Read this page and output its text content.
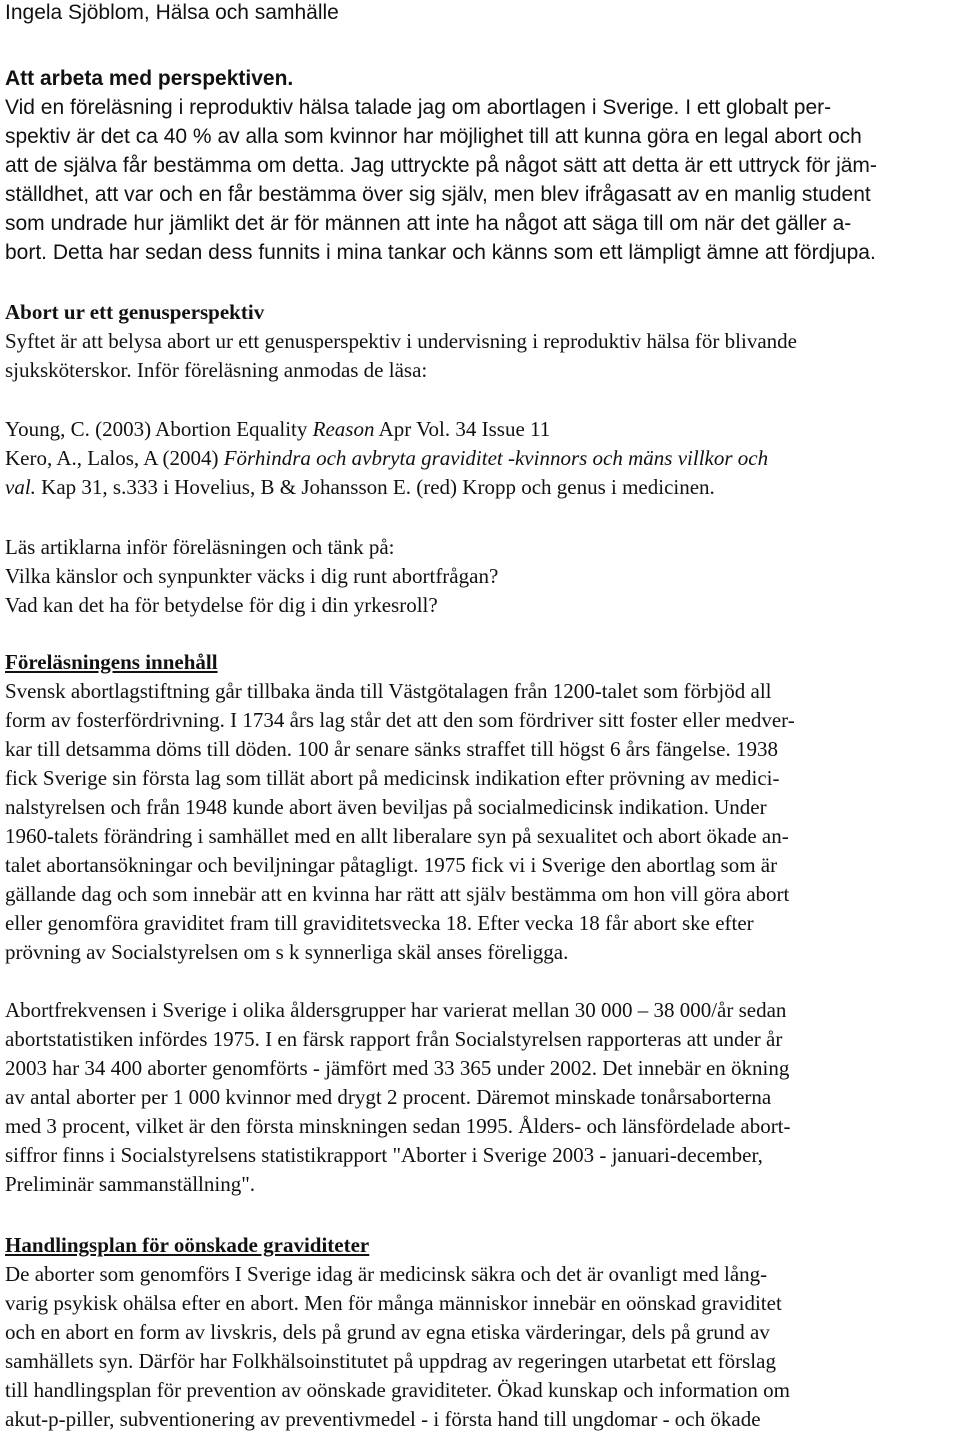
Ingela Sjöblom, Hälsa och samhälle
Att arbeta med perspektiven.
Vid en föreläsning i reproduktiv hälsa talade jag om abortlagen i Sverige. I ett globalt per-
spektiv är det ca 40 % av alla som kvinnor har möjlighet till att kunna göra en legal abort och
att de själva får bestämma om detta. Jag uttryckte på något sätt att detta är ett uttryck för jäm-
ställdhet, att var och en får bestämma över sig själv, men blev ifrågasatt av en manlig student
som undrade hur jämlikt det är för männen att inte ha något att säga till om när det gäller a-
bort. Detta har sedan dess funnits i mina tankar och känns som ett lämpligt ämne att fördjupa.
Abort ur ett genusperspektiv
Syftet är att belysa abort ur ett genusperspektiv i undervisning i reproduktiv hälsa för blivande
sjuksköterskor. Inför föreläsning anmodas de läsa:
Young, C. (2003) Abortion Equality Reason Apr Vol. 34 Issue 11
Kero, A., Lalos, A (2004) Förhindra och avbryta graviditet -kvinnors och mäns villkor och
val. Kap 31, s.333 i Hovelius, B & Johansson E. (red) Kropp och genus i medicinen.
Läs artiklarna inför föreläsningen och tänk på:
Vilka känslor och synpunkter väcks i dig runt abortfrågan?
Vad kan det ha för betydelse för dig i din yrkesroll?
Föreläsningens innehåll
Svensk abortlagstiftning går tillbaka ända till Västgötalagen från 1200-talet som förbjöd all
form av fosterfördrivning. I 1734 års lag står det att den som fördriver sitt foster eller medver-
kar till detsamma döms till döden. 100 år senare sänks straffet till högst 6 års fängelse. 1938
fick Sverige sin första lag som tillät abort på medicinsk indikation efter prövning av medici-
nalstyrelsen och från 1948 kunde abort även beviljas på socialmedicinsk indikation. Under
1960-talets förändring i samhället med en allt liberalare syn på sexualitet och abort ökade an-
talet abortansökningar och beviljningar påtagligt. 1975 fick vi i Sverige den abortlag som är
gällande dag och som innebär att en kvinna har rätt att själv bestämma om hon vill göra abort
eller genomföra graviditet fram till graviditetsvecka 18. Efter vecka 18 får abort ske efter
prövning av Socialstyrelsen om s k synnerliga skäl anses föreligga.
Abortfrekvensen i Sverige i olika åldersgrupper har varierat mellan 30 000 – 38 000/år sedan
abortstatistiken infördes 1975. I en färsk rapport från Socialstyrelsen rapporteras att under år
2003 har 34 400 aborter genomförts - jämfört med 33 365 under 2002. Det innebär en ökning
av antal aborter per 1 000 kvinnor med drygt 2 procent. Däremot minskade tonårsaborterna
med 3 procent, vilket är den första minskningen sedan 1995. Ålders- och länsfördelade abort-
siffror finns i Socialstyrelsens statistikrapport "Aborter i Sverige 2003 - januari-december,
Preliminär sammanställning".
Handlingsplan för oönskade graviditeter
De aborter som genomförs I Sverige idag är medicinsk säkra och det är ovanligt med lång-
varig psykisk ohälsa efter en abort. Men för många människor innebär en oönskad graviditet
och en abort en form av livskris, dels på grund av egna etiska värderingar, dels på grund av
samhällets syn. Därför har Folkhälsoinstitutet på uppdrag av regeringen utarbetat ett förslag
till handlingsplan för prevention av oönskade graviditeter. Ökad kunskap och information om
akut-p-piller, subventionering av preventivmedel - i första hand till ungdomar - och ökade
